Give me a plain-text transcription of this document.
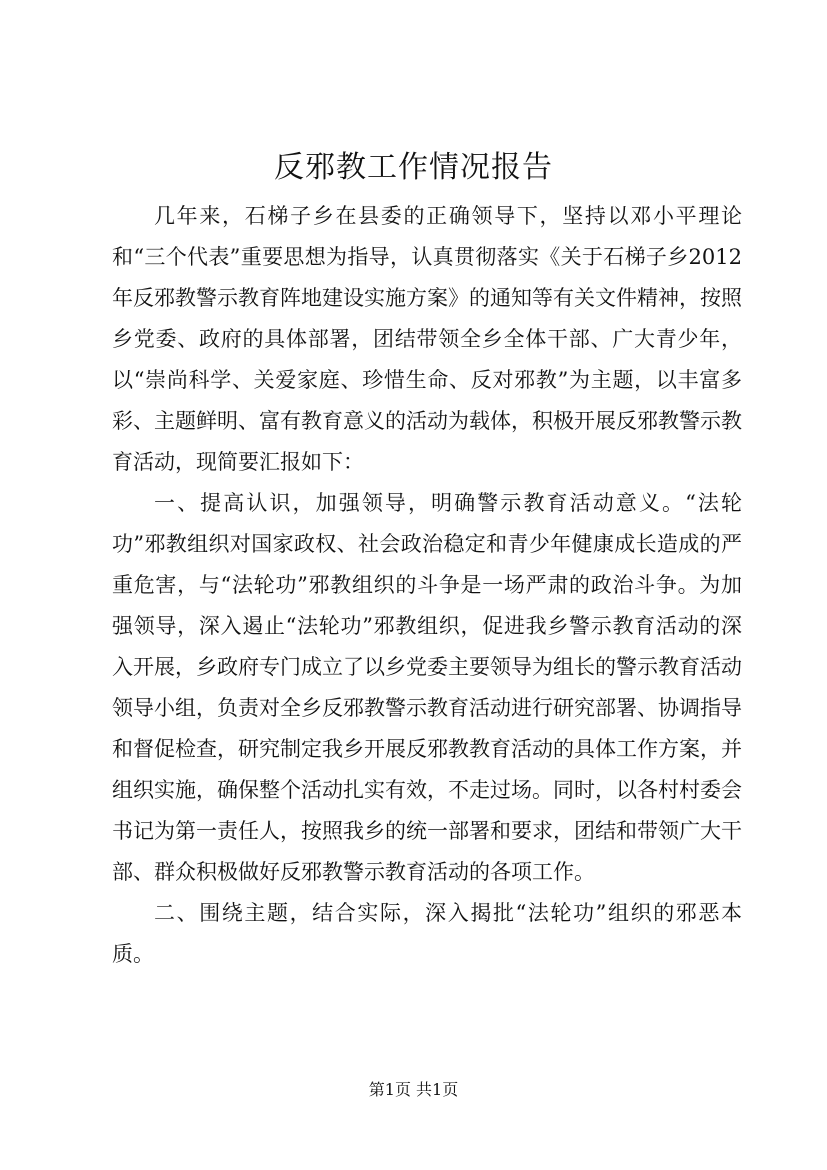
反邪教工作情况报告

几年来，石梯子乡在县委的正确领导下，坚持以邓小平理论和“三个代表”重要思想为指导，认真贯彻落实《关于石梯子乡2012年反邪教警示教育阵地建设实施方案》的通知等有关文件精神，按照乡党委、政府的具体部署，团结带领全乡全体干部、广大青少年，以“崇尚科学、关爱家庭、珍惜生命、反对邪教”为主题，以丰富多彩、主题鲜明、富有教育意义的活动为载体，积极开展反邪教警示教育活动，现简要汇报如下：

一、提高认识，加强领导，明确警示教育活动意义。“法轮功”邪教组织对国家政权、社会政治稳定和青少年健康成长造成的严重危害，与“法轮功”邪教组织的斗争是一场严肃的政治斗争。为加强领导，深入遏止“法轮功”邪教组织，促进我乡警示教育活动的深入开展，乡政府专门成立了以乡党委主要领导为组长的警示教育活动领导小组，负责对全乡反邪教警示教育活动进行研究部署、协调指导和督促检查，研究制定我乡开展反邪教教育活动的具体工作方案，并组织实施，确保整个活动扎实有效，不走过场。同时，以各村村委会书记为第一责任人，按照我乡的统一部署和要求，团结和带领广大干部、群众积极做好反邪教警示教育活动的各项工作。

二、围绕主题，结合实际，深入揭批“法轮功”组织的邪恶本质。

第1页 共1页
